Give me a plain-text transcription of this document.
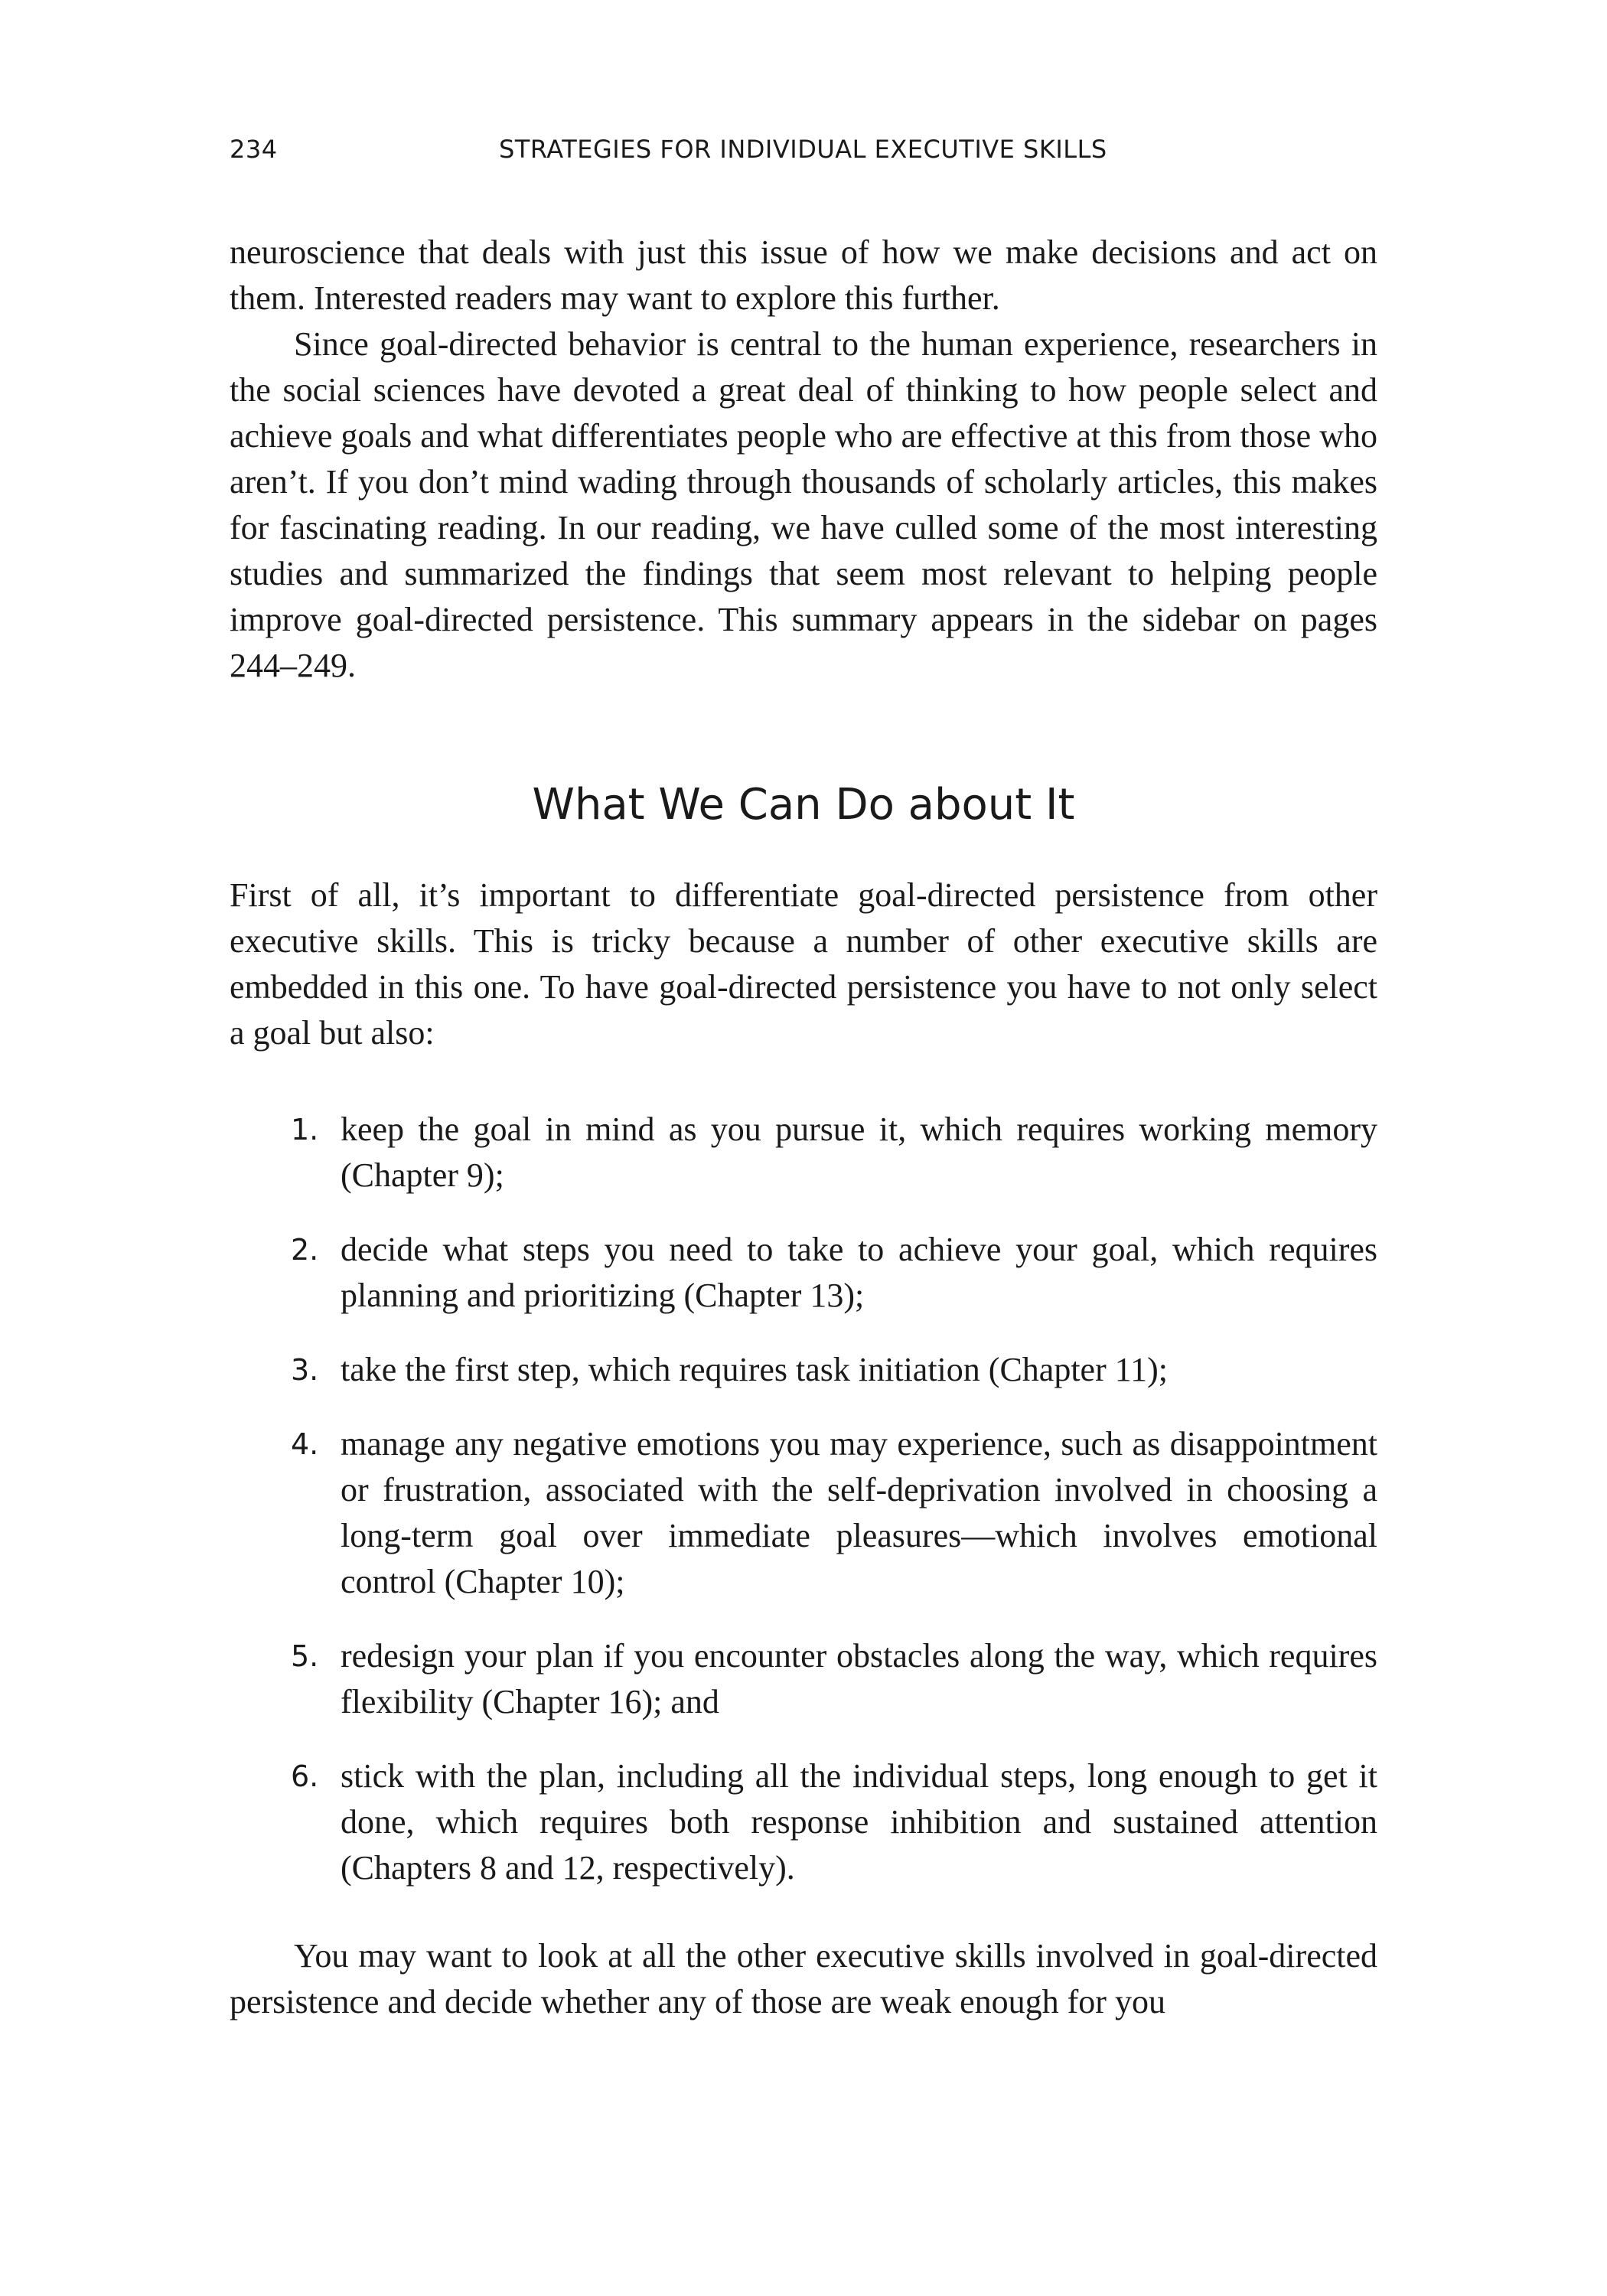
234	STRATEGIES FOR INDIVIDUAL EXECUTIVE SKILLS

neuroscience that deals with just this issue of how we make decisions and act on them. Interested readers may want to explore this further.

Since goal-directed behavior is central to the human experience, researchers in the social sciences have devoted a great deal of thinking to how people select and achieve goals and what differentiates people who are effective at this from those who aren’t. If you don’t mind wading through thousands of scholarly articles, this makes for fascinating reading. In our reading, we have culled some of the most interesting studies and summarized the findings that seem most relevant to helping people improve goal-directed persistence. This summary appears in the sidebar on pages 244–249.

What We Can Do about It

First of all, it’s important to differentiate goal-directed persistence from other executive skills. This is tricky because a number of other executive skills are embedded in this one. To have goal-directed persistence you have to not only select a goal but also:

1. keep the goal in mind as you pursue it, which requires working memory (Chapter 9);
2. decide what steps you need to take to achieve your goal, which requires planning and prioritizing (Chapter 13);
3. take the first step, which requires task initiation (Chapter 11);
4. manage any negative emotions you may experience, such as disappointment or frustration, associated with the self-deprivation involved in choosing a long-term goal over immediate pleasures—which involves emotional control (Chapter 10);
5. redesign your plan if you encounter obstacles along the way, which requires flexibility (Chapter 16); and
6. stick with the plan, including all the individual steps, long enough to get it done, which requires both response inhibition and sustained attention (Chapters 8 and 12, respectively).

You may want to look at all the other executive skills involved in goal-directed persistence and decide whether any of those are weak enough for you
